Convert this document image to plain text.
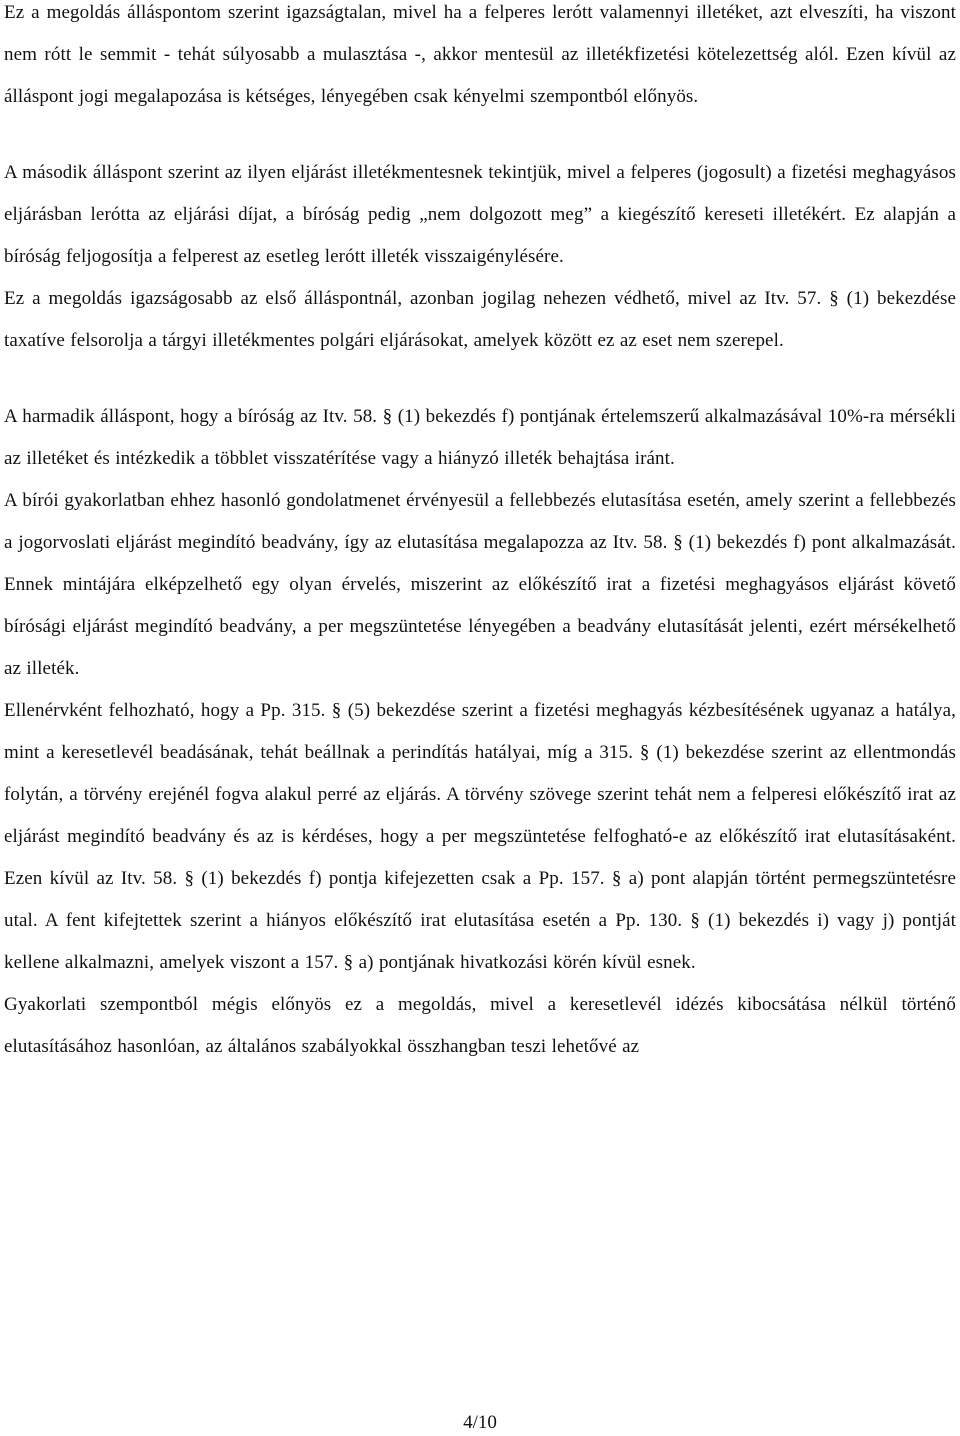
Ez a megoldás álláspontom szerint igazságtalan, mivel ha a felperes lerótt valamennyi illetéket, azt elveszíti, ha viszont nem rótt le semmit - tehát súlyosabb a mulasztása -, akkor mentesül az illetékfizetési kötelezettség alól. Ezen kívül az álláspont jogi megalapozása is kétséges, lényegében csak kényelmi szempontból előnyös.

A második álláspont szerint az ilyen eljárást illetékmentesnek tekintjük, mivel a felperes (jogosult) a fizetési meghagyásos eljárásban lerótta az eljárási díjat, a bíróság pedig „nem dolgozott meg” a kiegészítő kereseti illetékért. Ez alapján a bíróság feljogosítja a felperest az esetleg lerótt illeték visszaigénylésére.

Ez a megoldás igazságosabb az első álláspontnál, azonban jogilag nehezen védhető, mivel az Itv. 57. § (1) bekezdése taxatíve felsorolja a tárgyi illetékmentes polgári eljárásokat, amelyek között ez az eset nem szerepel.

A harmadik álláspont, hogy a bíróság az Itv. 58. § (1) bekezdés f) pontjának értelemszerű alkalmazásával 10%-ra mérsékli az illetéket és intézkedik a többlet visszatérítése vagy a hiányzó illeték behajtása iránt.

A bírói gyakorlatban ehhez hasonló gondolatmenet érvényesül a fellebbezés elutasítása esetén, amely szerint a fellebbezés a jogorvoslati eljárást megindító beadvány, így az elutasítása megalapozza az Itv. 58. § (1) bekezdés f) pont alkalmazását. Ennek mintájára elképzelhető egy olyan érvelés, miszerint az előkészítő irat a fizetési meghagyásos eljárást követő bírósági eljárást megindító beadvány, a per megszüntetése lényegében a beadvány elutasítását jelenti, ezért mérsékelhető az illeték.

Ellenérvként felhozható, hogy a Pp. 315. § (5) bekezdése szerint a fizetési meghagyás kézbesítésének ugyanaz a hatálya, mint a keresetlevél beadásának, tehát beállnak a perindítás hatályai, míg a 315. § (1) bekezdése szerint az ellentmondás folytán, a törvény erejénél fogva alakul perré az eljárás. A törvény szövege szerint tehát nem a felperesi előkészítő irat az eljárást megindító beadvány és az is kérdéses, hogy a per megszüntetése felfogható-e az előkészítő irat elutasításaként. Ezen kívül az Itv. 58. § (1) bekezdés f) pontja kifejezetten csak a Pp. 157. § a) pont alapján történt permegszüntetésre utal. A fent kifejtettek szerint a hiányos előkészítő irat elutasítása esetén a Pp. 130. § (1) bekezdés i) vagy j) pontját kellene alkalmazni, amelyek viszont a 157. § a) pontjának hivatkozási körén kívül esnek.

Gyakorlati szempontból mégis előnyös ez a megoldás, mivel a keresetlevél idézés kibocsátása nélkül történő elutasításához hasonlóan, az általános szabályokkal összhangban teszi lehetővé az

4/10
